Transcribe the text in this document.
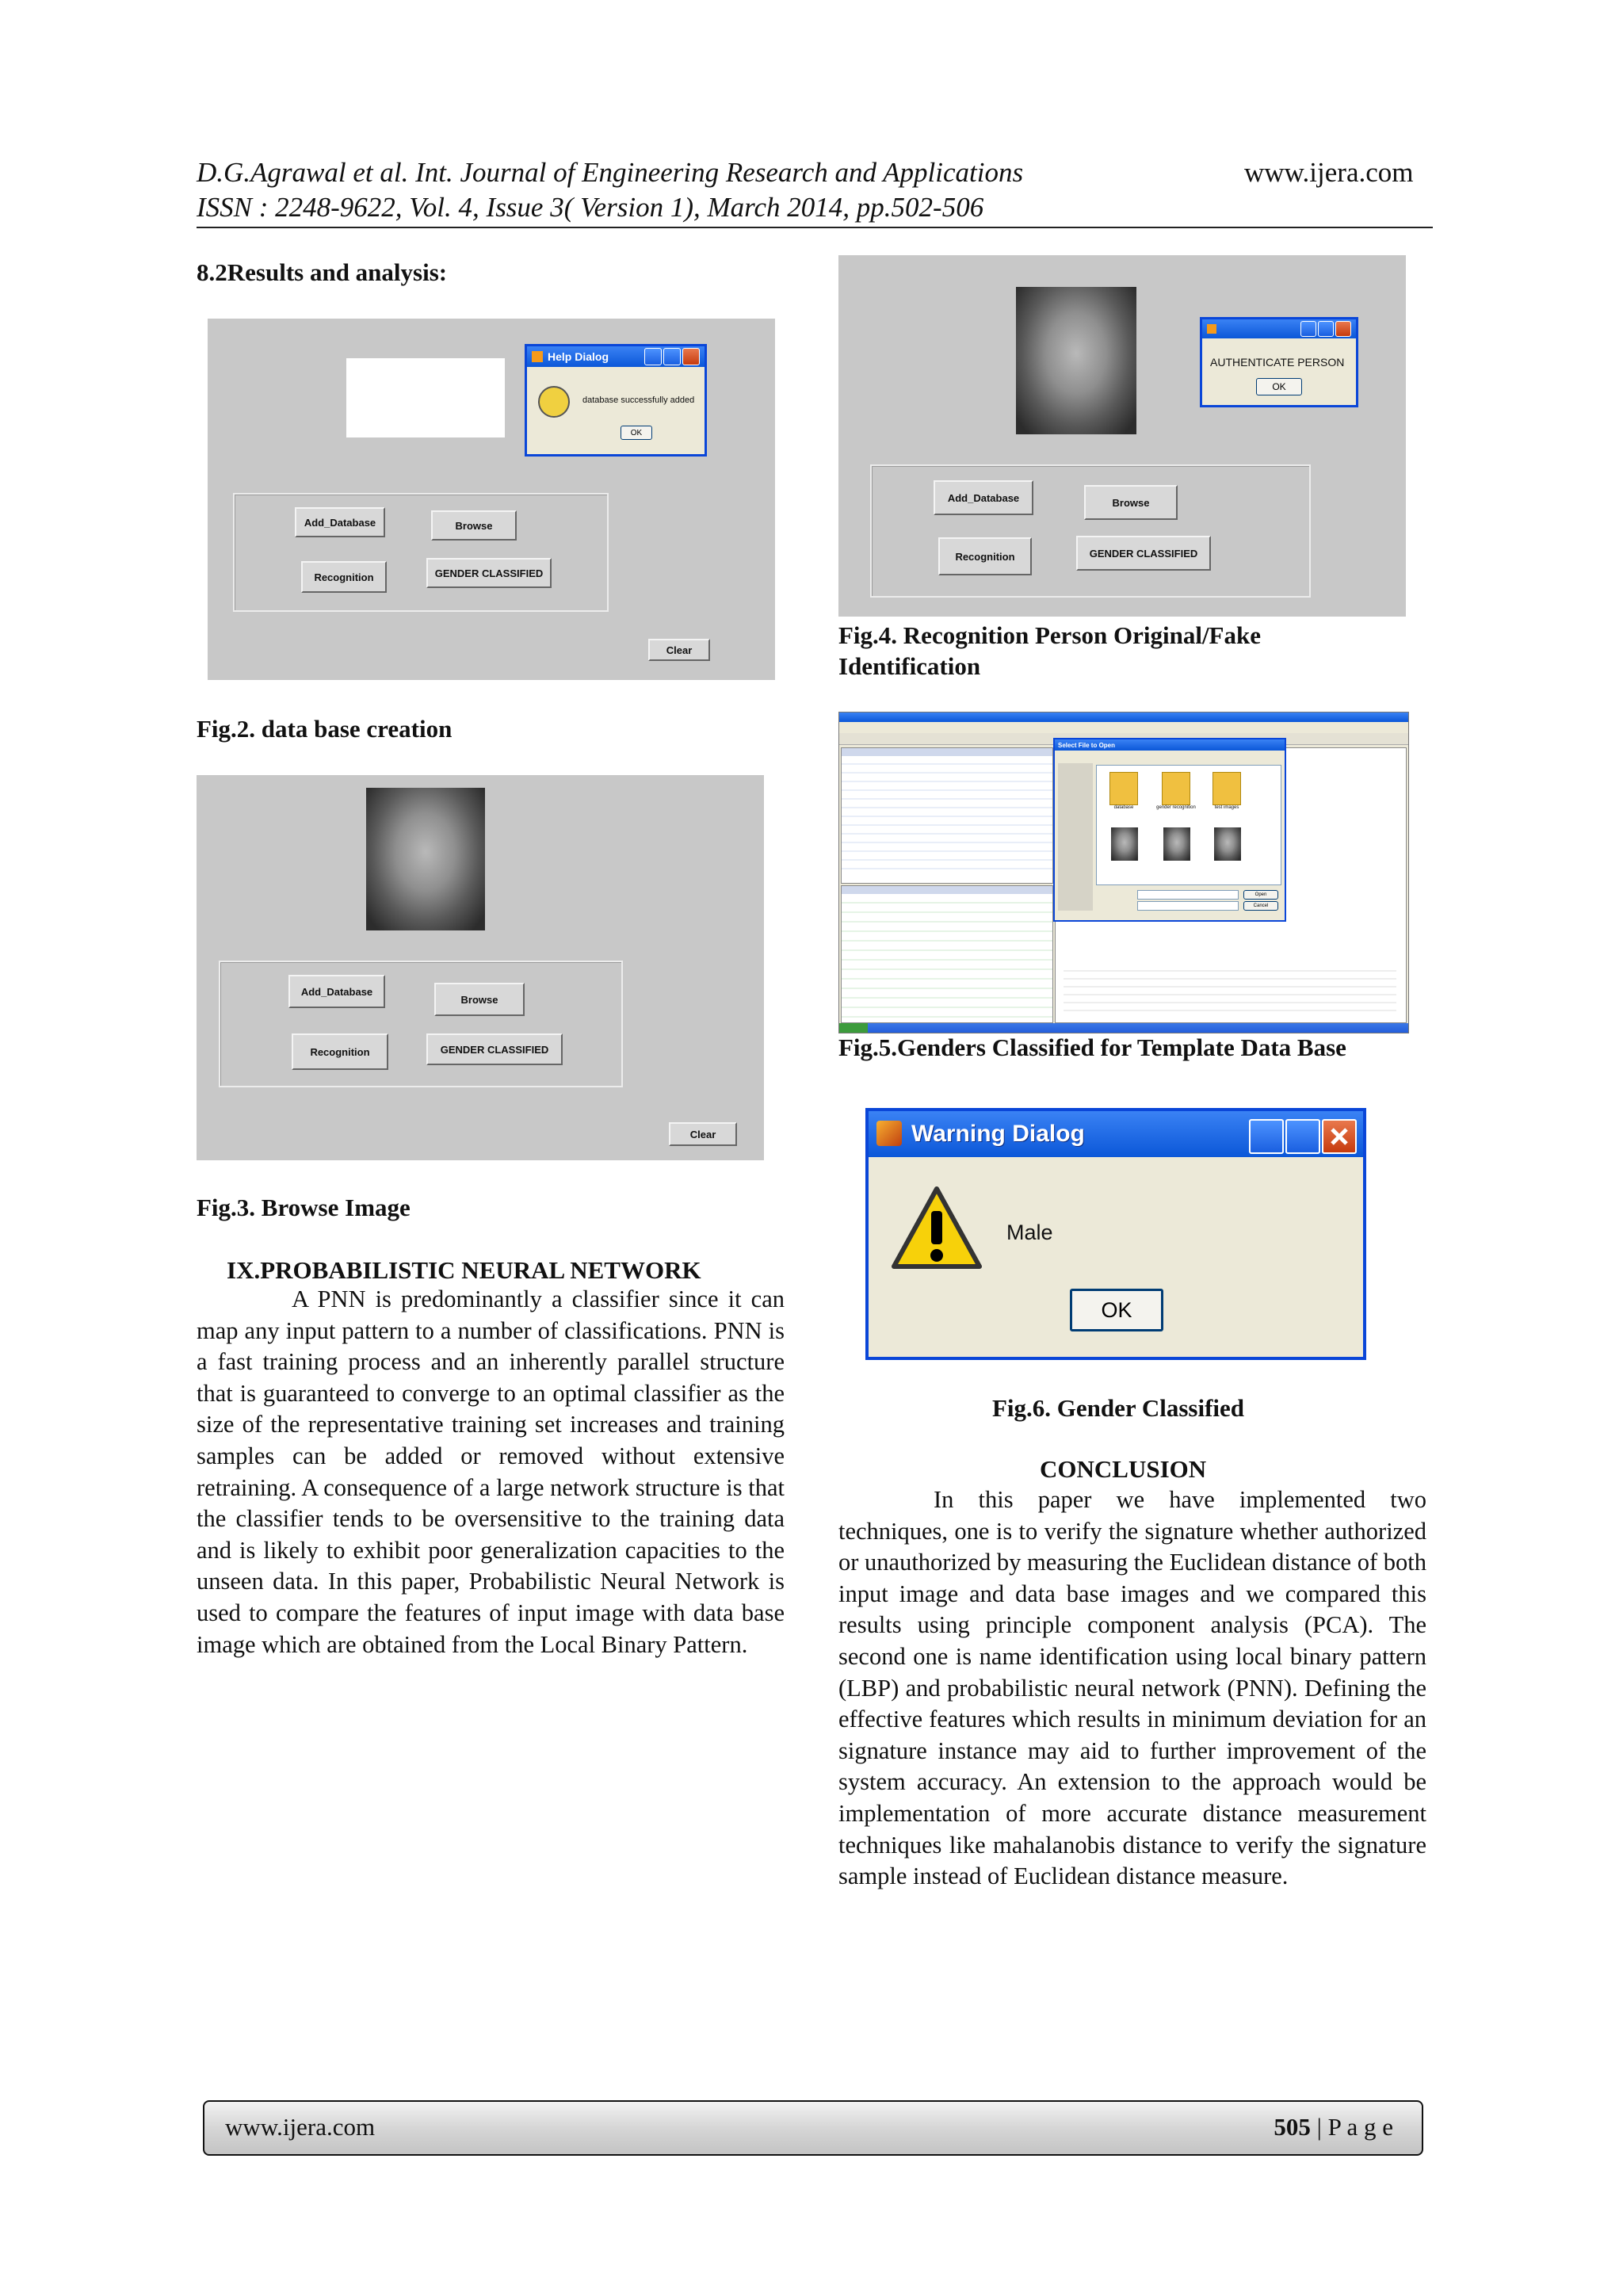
D.G.Agrawal et al. Int. Journal of Engineering Research and Applications	www.ijera.com
ISSN : 2248-9622, Vol. 4, Issue 3( Version 1), March 2014, pp.502-506
8.2Results and analysis:
Help Dialog
database successfully added
OK
Add_Database	Browse
Recognition	GENDER CLASSIFIED
Clear
Fig.2. data base creation
Add_Database
Browse
Recognition	GENDER CLASSIFIED
Clear
Fig.3. Browse Image
IX.PROBABILISTIC NEURAL NETWORK

A PNN is predominantly a classifier since it can map any input pattern to a number of classifications. PNN is a fast training process and an inherently parallel structure that is guaranteed to converge to an optimal classifier as the size of the representative training set increases and training samples can be added or removed without extensive retraining. A consequence of a large network structure is that the classifier tends to be oversensitive to the training data and is likely to exhibit poor generalization capacities to the unseen data. In this paper, Probabilistic Neural Network is used to compare the features of input image with data base image which are obtained from the Local Binary Pattern.

AUTHENTICATE PERSON
OK
Add_Database	Browse
Recognition	GENDER CLASSIFIED
Fig.4. Recognition Person Original/Fake
Identification
Select File to Open
database	gender recognition	test images
Open
Cancel
Fig.5.Genders Classified for Template Data Base
Warning Dialog
Male
OK
Fig.6. Gender Classified
CONCLUSION

In this paper we have implemented two techniques, one is to verify the signature whether authorized or unauthorized by measuring the Euclidean distance of both input image and data base images and we compared this results using principle component analysis (PCA). The second one is name identification using local binary pattern (LBP) and probabilistic neural network (PNN). Defining the effective features which results in minimum deviation for an signature instance may aid to further improvement of the system accuracy. An extension to the approach would be implementation of more accurate distance measurement techniques like mahalanobis distance to verify the signature sample instead of Euclidean distance measure.

www.ijera.com	505 | P a g e
